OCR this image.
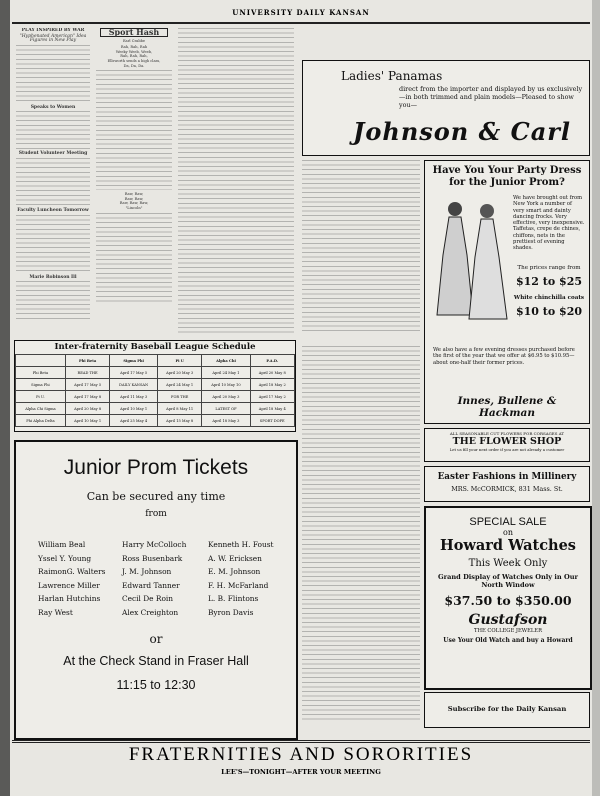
UNIVERSITY DAILY KANSAN
PLAY INSPIRED BY WAR
"Hyphenated American" Idea Figures in New Play
Speaks to Women
Student Volunteer Meeting
Faculty Luncheon Tomorrow
Marie Robinson Ill
Sport Hash
Earl Crabbe
Rah, Rah, Rah
Weeky Weeb, Weeb,
Rah, Rah, Rah,
Ellsworth sends a high class,
Da, Da, Da.
Raw, Raw,
Raw, Raw,
Raw, Raw, Raw,
"Lincoln"
Ladies' Panamas
direct from the importer and displayed by us exclusively—in both trimmed and plain models—Pleased to show you—
Johnson & Carl
Have You Your Party Dress for the Junior Prom?
We have brought out from New York a number of very smart and dainty dancing frocks. Very effective, very inexpensive. Taffetas, crepe de chines, chiffons, nets in the prettiest of evening shades.
The prices range from
$12 to $25
White chinchilla coats
$10 to $20
We also have a few evening dresses purchased before the first of the year that we offer at $6.95 to $10.95—about one-half their former prices.
Innes, Bullene & Hackman
Inter-fraternity Baseball League Schedule
	Phi Beta	Sigma Phi	Pi U	Alpha Chi	P.A.D.
Phi Beta	READ THE	April 17 May 5	April 20 May 3	April 24 May 1	April 20 May 8
Sigma Phi	April 17 May 5	DAILY KANSAN	April 24 May 1	April 10 May 10	April 18 May 2
Pi U.	April 17 May 8	April 11 May 3	FOR THE	April 20 May 3	April 17 May 2
Alpha Chi Sigma	April 20 May 8	April 10 May 1	April 8 May 11	LATEST OF	April 18 May 4
Phi Alpha Delta	April 10 May 1	April 25 May 4	April 15 May 8	April 18 May 3	SPORT DOPE
Junior Prom Tickets
Can be secured any time
from
William Beal	Harry McColloch	Kenneth H. Foust
Yssel Y. Young	Ross Busenbark	A. W. Ericksen
RaimonG. Walters	J. M. Johnson	E. M. Johnson
Lawrence Miller	Edward Tanner	F. H. McFarland
Harlan Hutchins	Cecil De Roin	L. B. Flintons
Ray West	Alex Creighton	Byron Davis
or
At the Check Stand in Fraser Hall
11:15 to 12:30
ALL SEASONABLE CUT FLOWERS FOR CORSAGES AT
THE FLOWER SHOP
Let us fill your next order if you are not already a customer
Easter Fashions in Millinery
MRS. McCORMICK, 831 Mass. St.
SPECIAL SALE
on
Howard Watches
This Week Only
Grand Display of Watches Only in Our North Window
$37.50 to $350.00
Gustafson
THE COLLEGE JEWELER
Use Your Old Watch and buy a Howard
Subscribe for the Daily Kansan
FRATERNITIES AND SORORITIES
LEE'S—TONIGHT—AFTER YOUR MEETING
